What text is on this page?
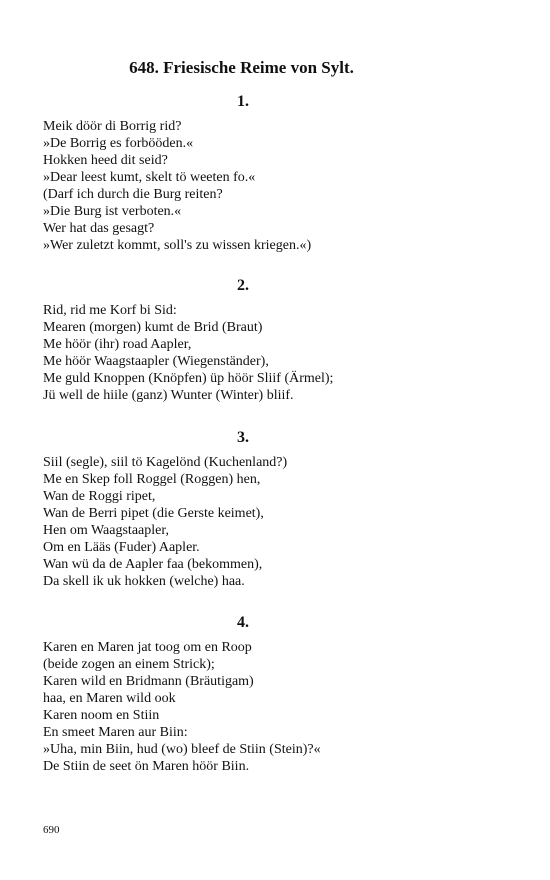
648. Friesische Reime von Sylt.
1.
Meik döör di Borrig rid?
»De Borrig es forbööden.«
Hokken heed dit seid?
»Dear leest kumt, skelt tö weeten fo.«
(Darf ich durch die Burg reiten?
»Die Burg ist verboten.«
Wer hat das gesagt?
»Wer zuletzt kommt, soll's zu wissen kriegen.«)
2.
Rid, rid me Korf bi Sid:
Mearen (morgen) kumt de Brid (Braut)
Me höör (ihr) road Aapler,
Me höör Waagstaapler (Wiegenständer),
Me guld Knoppen (Knöpfen) üp höör Sliif (Ärmel);
Jü well de hiile (ganz) Wunter (Winter) bliif.
3.
Siil (segle), siil tö Kagelönd (Kuchenland?)
Me en Skep foll Roggel (Roggen) hen,
Wan de Roggi ripet,
Wan de Berri pipet (die Gerste keimet),
Hen om Waagstaapler,
Om en Lääs (Fuder) Aapler.
Wan wü da de Aapler faa (bekommen),
Da skell ik uk hokken (welche) haa.
4.
Karen en Maren jat toog om en Roop
(beide zogen an einem Strick);
Karen wild en Bridmann (Bräutigam)
haa, en Maren wild ook
Karen noom en Stiin
En smeet Maren aur Biin:
»Uha, min Biin, hud (wo) bleef de Stiin (Stein)?«
De Stiin de seet ön Maren höör Biin.
690
